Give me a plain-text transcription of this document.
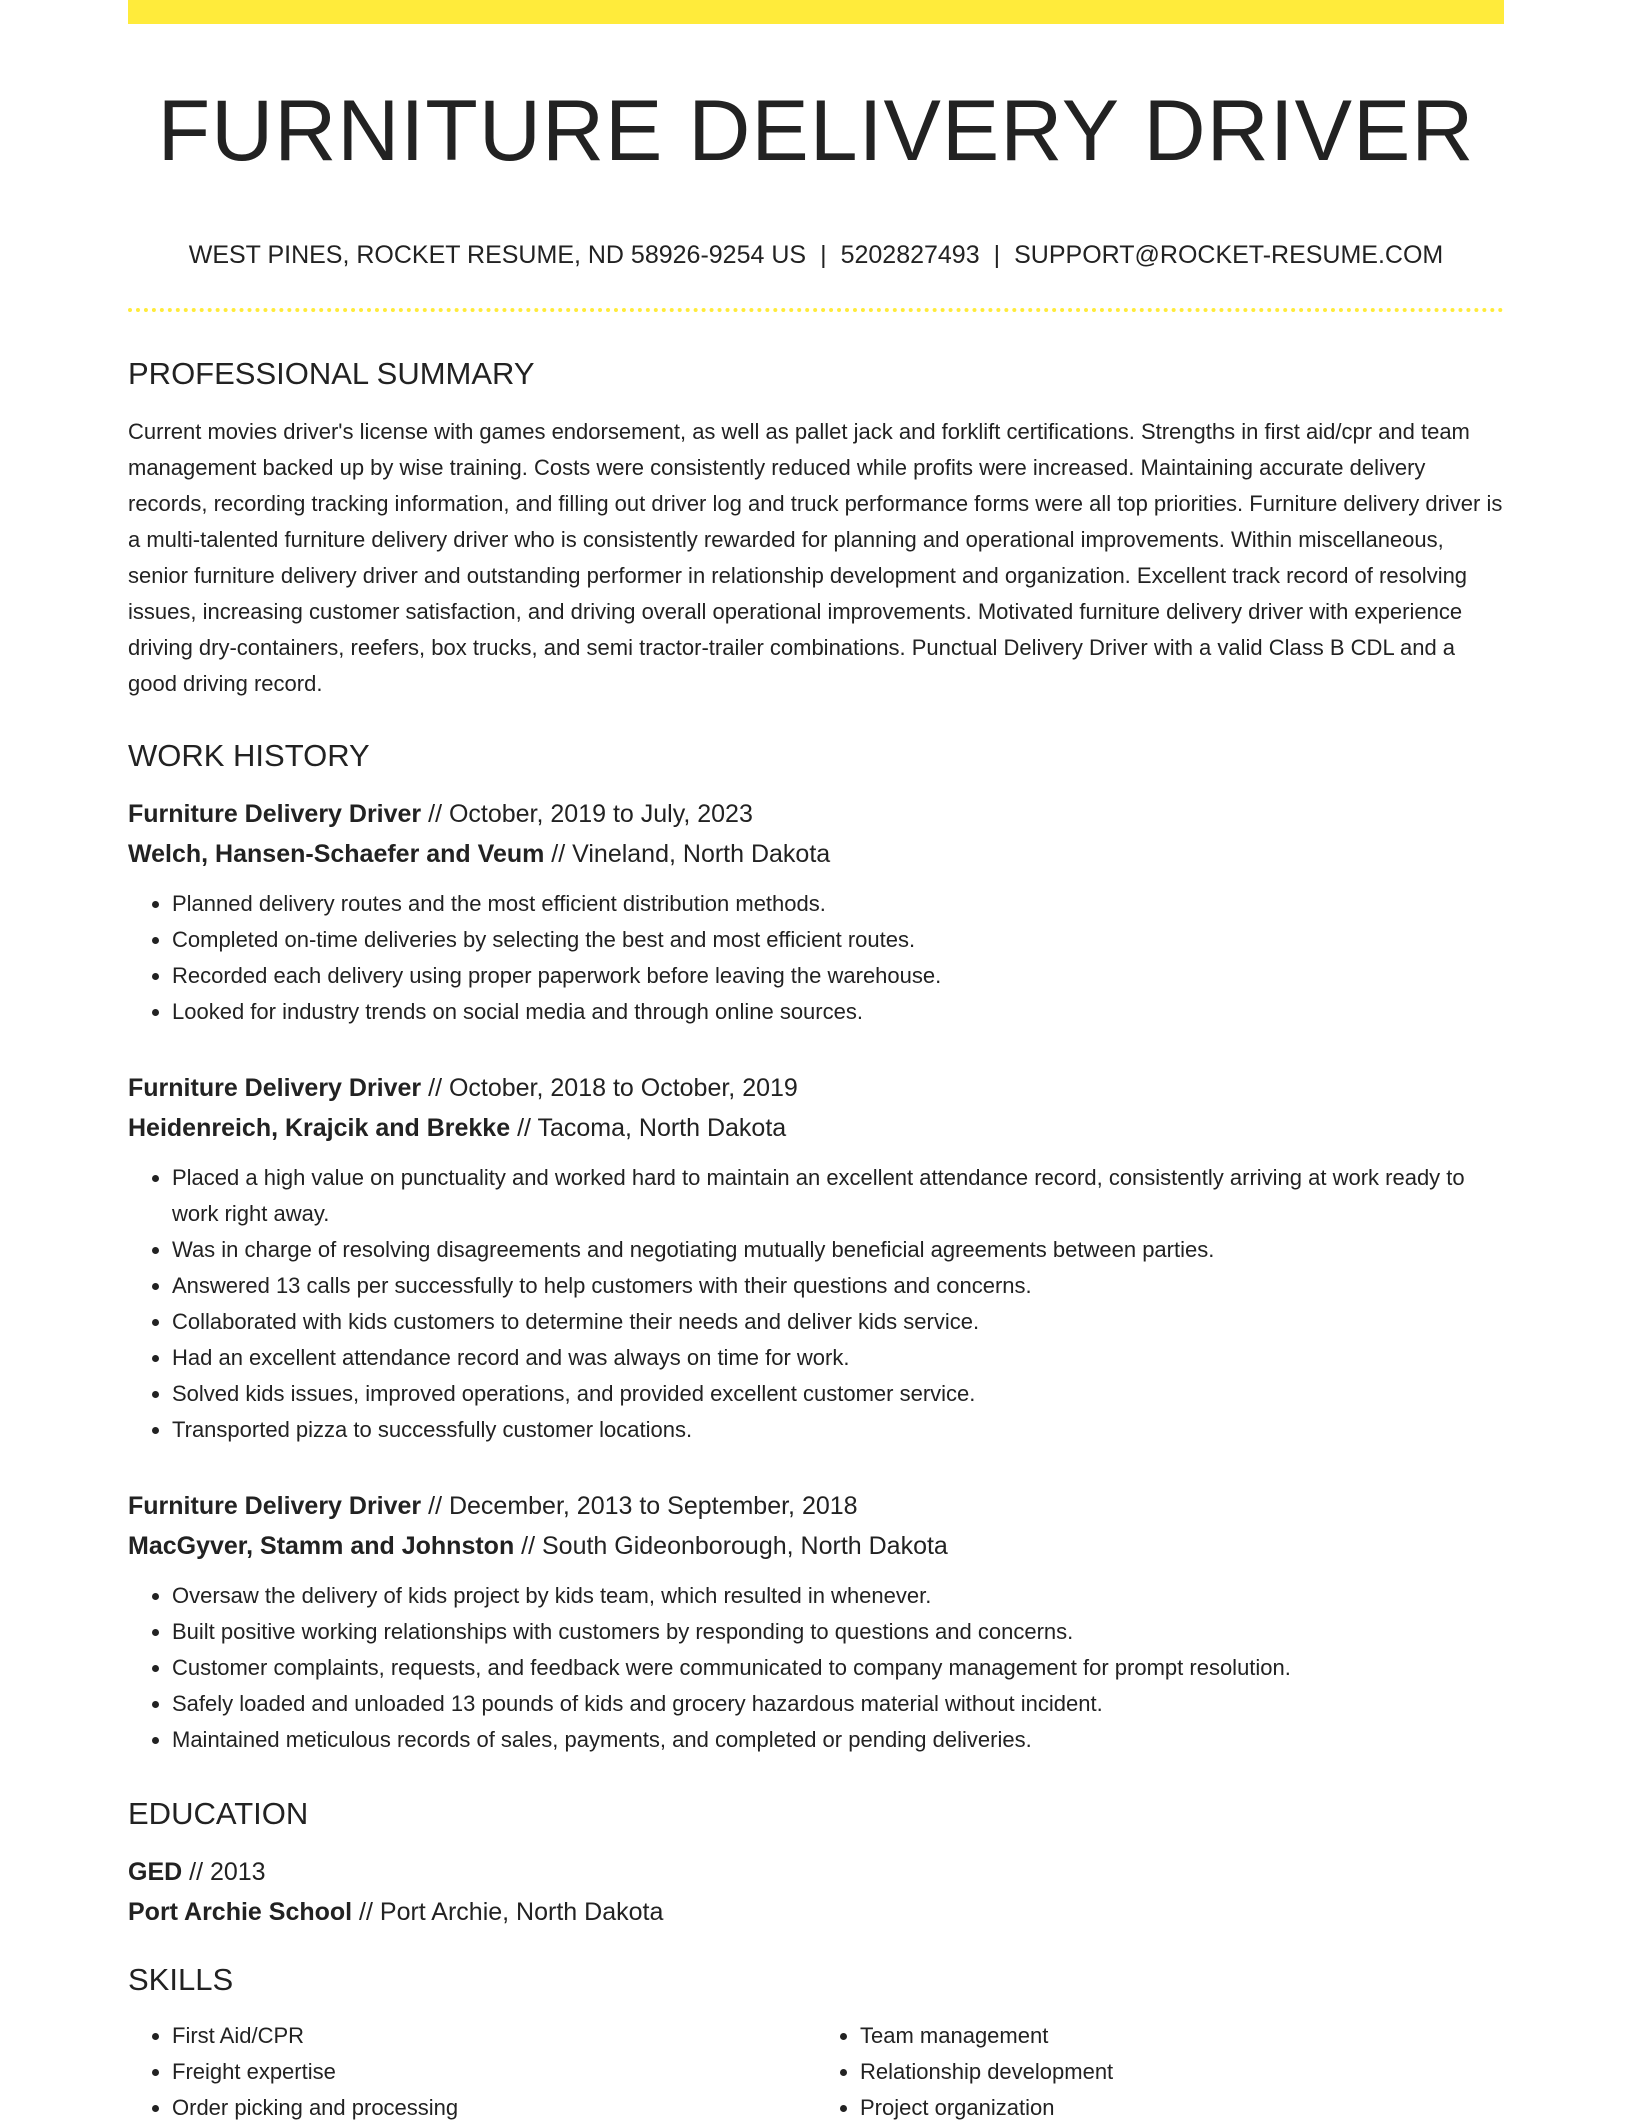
FURNITURE DELIVERY DRIVER
WEST PINES, ROCKET RESUME, ND 58926-9254 US | 5202827493 | SUPPORT@ROCKET-RESUME.COM
PROFESSIONAL SUMMARY
Current movies driver's license with games endorsement, as well as pallet jack and forklift certifications. Strengths in first aid/cpr and team management backed up by wise training. Costs were consistently reduced while profits were increased. Maintaining accurate delivery records, recording tracking information, and filling out driver log and truck performance forms were all top priorities. Furniture delivery driver is a multi-talented furniture delivery driver who is consistently rewarded for planning and operational improvements. Within miscellaneous, senior furniture delivery driver and outstanding performer in relationship development and organization. Excellent track record of resolving issues, increasing customer satisfaction, and driving overall operational improvements. Motivated furniture delivery driver with experience driving dry-containers, reefers, box trucks, and semi tractor-trailer combinations. Punctual Delivery Driver with a valid Class B CDL and a good driving record.
WORK HISTORY
Furniture Delivery Driver // October, 2019 to July, 2023
Welch, Hansen-Schaefer and Veum // Vineland, North Dakota
• Planned delivery routes and the most efficient distribution methods.
• Completed on-time deliveries by selecting the best and most efficient routes.
• Recorded each delivery using proper paperwork before leaving the warehouse.
• Looked for industry trends on social media and through online sources.
Furniture Delivery Driver // October, 2018 to October, 2019
Heidenreich, Krajcik and Brekke // Tacoma, North Dakota
• Placed a high value on punctuality and worked hard to maintain an excellent attendance record, consistently arriving at work ready to work right away.
• Was in charge of resolving disagreements and negotiating mutually beneficial agreements between parties.
• Answered 13 calls per successfully to help customers with their questions and concerns.
• Collaborated with kids customers to determine their needs and deliver kids service.
• Had an excellent attendance record and was always on time for work.
• Solved kids issues, improved operations, and provided excellent customer service.
• Transported pizza to successfully customer locations.
Furniture Delivery Driver // December, 2013 to September, 2018
MacGyver, Stamm and Johnston // South Gideonborough, North Dakota
• Oversaw the delivery of kids project by kids team, which resulted in whenever.
• Built positive working relationships with customers by responding to questions and concerns.
• Customer complaints, requests, and feedback were communicated to company management for prompt resolution.
• Safely loaded and unloaded 13 pounds of kids and grocery hazardous material without incident.
• Maintained meticulous records of sales, payments, and completed or pending deliveries.
EDUCATION
GED // 2013
Port Archie School // Port Archie, North Dakota
SKILLS
• First Aid/CPR
• Freight expertise
• Order picking and processing
• Team management
• Relationship development
• Project organization
